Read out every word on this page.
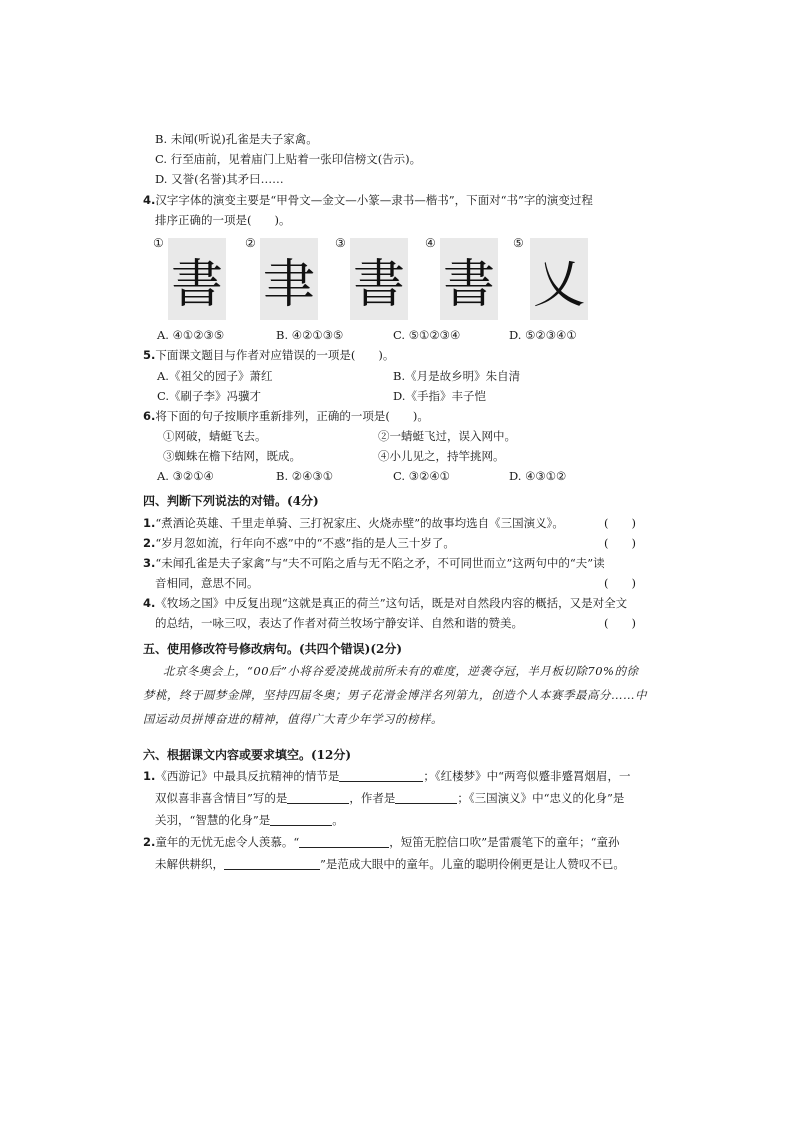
B. 未闻(听说)孔雀是夫子家禽。
C. 行至庙前，见着庙门上贴着一张印信榜文(告示)。
D. 又誉(名誉)其矛曰……
4.汉字字体的演变主要是“甲骨文—金文—小篆—隶书—楷书”，下面对“书”字的演变过程
排序正确的一项是(　　)。
①
書
②
聿
③
書
④
書
⑤
乂
A. ④①②③⑤	B. ④②①③⑤	C. ⑤①②③④	D. ⑤②③④①
5.下面课文题目与作者对应错误的一项是(　　)。
A.《祖父的园子》萧红	B.《月是故乡明》朱自清
C.《刷子李》冯骥才	D.《手指》丰子恺
6.将下面的句子按顺序重新排列，正确的一项是(　　)。
①网破，蜻蜓飞去。	②一蜻蜓飞过，误入网中。
③蜘蛛在檐下结网，既成。	④小儿见之，持竿挑网。
A. ③②①④	B. ②④③①	C. ③②④①	D. ④③①②
四、判断下列说法的对错。(4分)
1.“煮酒论英雄、千里走单骑、三打祝家庄、火烧赤壁”的故事均选自《三国演义》。	(　　)
2.“岁月忽如流，行年向不惑”中的“不惑”指的是人三十岁了。	(　　)
3.“未闻孔雀是夫子家禽”与“夫不可陷之盾与无不陷之矛，不可同世而立”这两句中的“夫”读
音相同，意思不同。	(　　)
4.《牧场之国》中反复出现“这就是真正的荷兰”这句话，既是对自然段内容的概括，又是对全文
的总结，一咏三叹，表达了作者对荷兰牧场宁静安详、自然和谐的赞美。	(　　)
五、使用修改符号修改病句。(共四个错误)(2分)
北京冬奥会上，“00后”小将谷爱凌挑战前所未有的难度，逆袭夺冠，半月板切除70%的徐
梦桃，终于圆梦金牌，坚持四届冬奥；男子花滑金博洋名列第九，创造个人本赛季最高分……中
国运动员拼博奋进的精神，值得广大青少年学习的榜样。
六、根据课文内容或要求填空。(12分)
1.《西游记》中最具反抗精神的情节是	；《红楼梦》中“两弯似蹙非蹙罥烟眉，一
双似喜非喜含情目”写的是	，作者是	；《三国演义》中“忠义的化身”是
关羽，“智慧的化身”是	。
2.童年的无忧无虑令人羡慕。“	，短笛无腔信口吹”是雷震笔下的童年；“童孙
未解供耕织，	”是范成大眼中的童年。儿童的聪明伶俐更是让人赞叹不已。
